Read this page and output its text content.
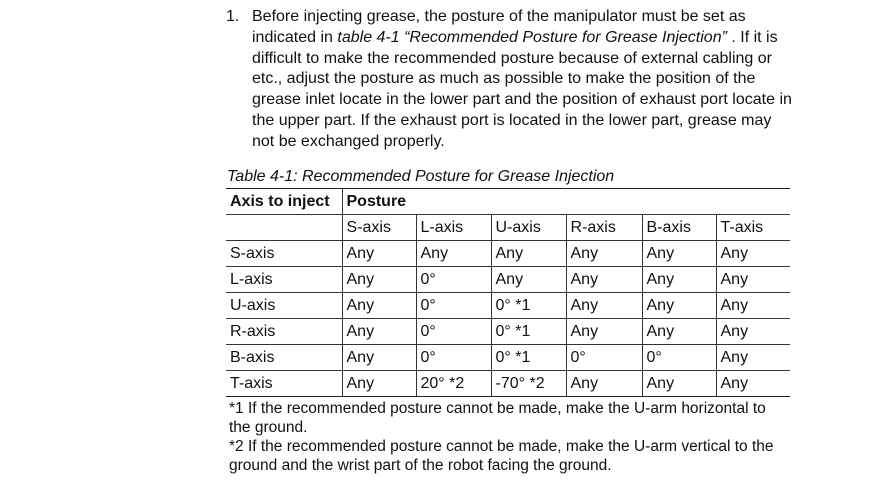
1. Before injecting grease, the posture of the manipulator must be set as indicated in table 4-1 “Recommended Posture for Grease Injection” . If it is difficult to make the recommended posture because of external cabling or etc., adjust the posture as much as possible to make the position of the grease inlet locate in the lower part and the position of exhaust port locate in the upper part. If the exhaust port is located in the lower part, grease may not be exchanged properly.
Table 4-1: Recommended Posture for Grease Injection
Axis to inject	Posture					
	S-axis	L-axis	U-axis	R-axis	B-axis	T-axis
S-axis	Any	Any	Any	Any	Any	Any
L-axis	Any	0°	Any	Any	Any	Any
U-axis	Any	0°	0° *1	Any	Any	Any
R-axis	Any	0°	0° *1	Any	Any	Any
B-axis	Any	0°	0° *1	0°	0°	Any
T-axis	Any	20° *2	-70° *2	Any	Any	Any

*1 If the recommended posture cannot be made, make the U-arm horizontal to the ground.

*2 If the recommended posture cannot be made, make the U-arm vertical to the ground and the wrist part of the robot facing the ground.
